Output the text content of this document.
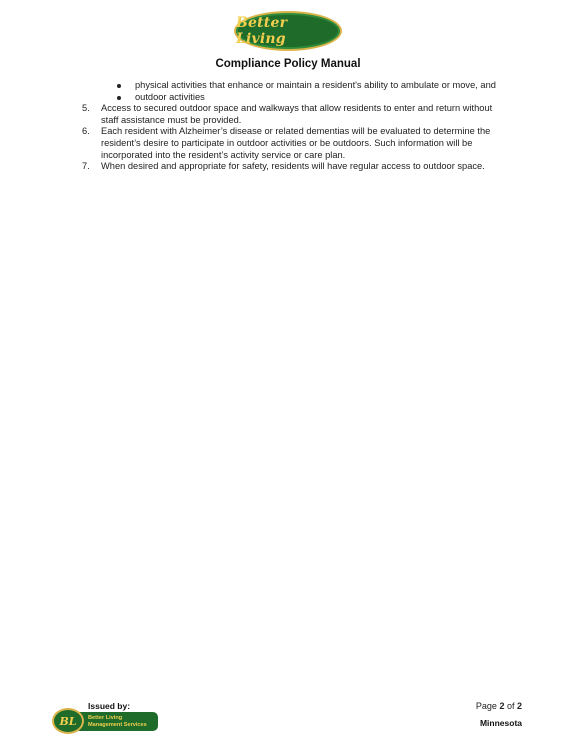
Better Living
Compliance Policy Manual
physical activities that enhance or maintain a resident's ability to ambulate or move, and
outdoor activities
5. Access to secured outdoor space and walkways that allow residents to enter and return without staff assistance must be provided.
6. Each resident with Alzheimer’s disease or related dementias will be evaluated to determine the resident’s desire to participate in outdoor activities or be outdoors. Such information will be incorporated into the resident’s activity service or care plan.
7. When desired and appropriate for safety, residents will have regular access to outdoor space.
Issued by:
Better Living
Management Services
BL
Page 2 of 2
Minnesota
